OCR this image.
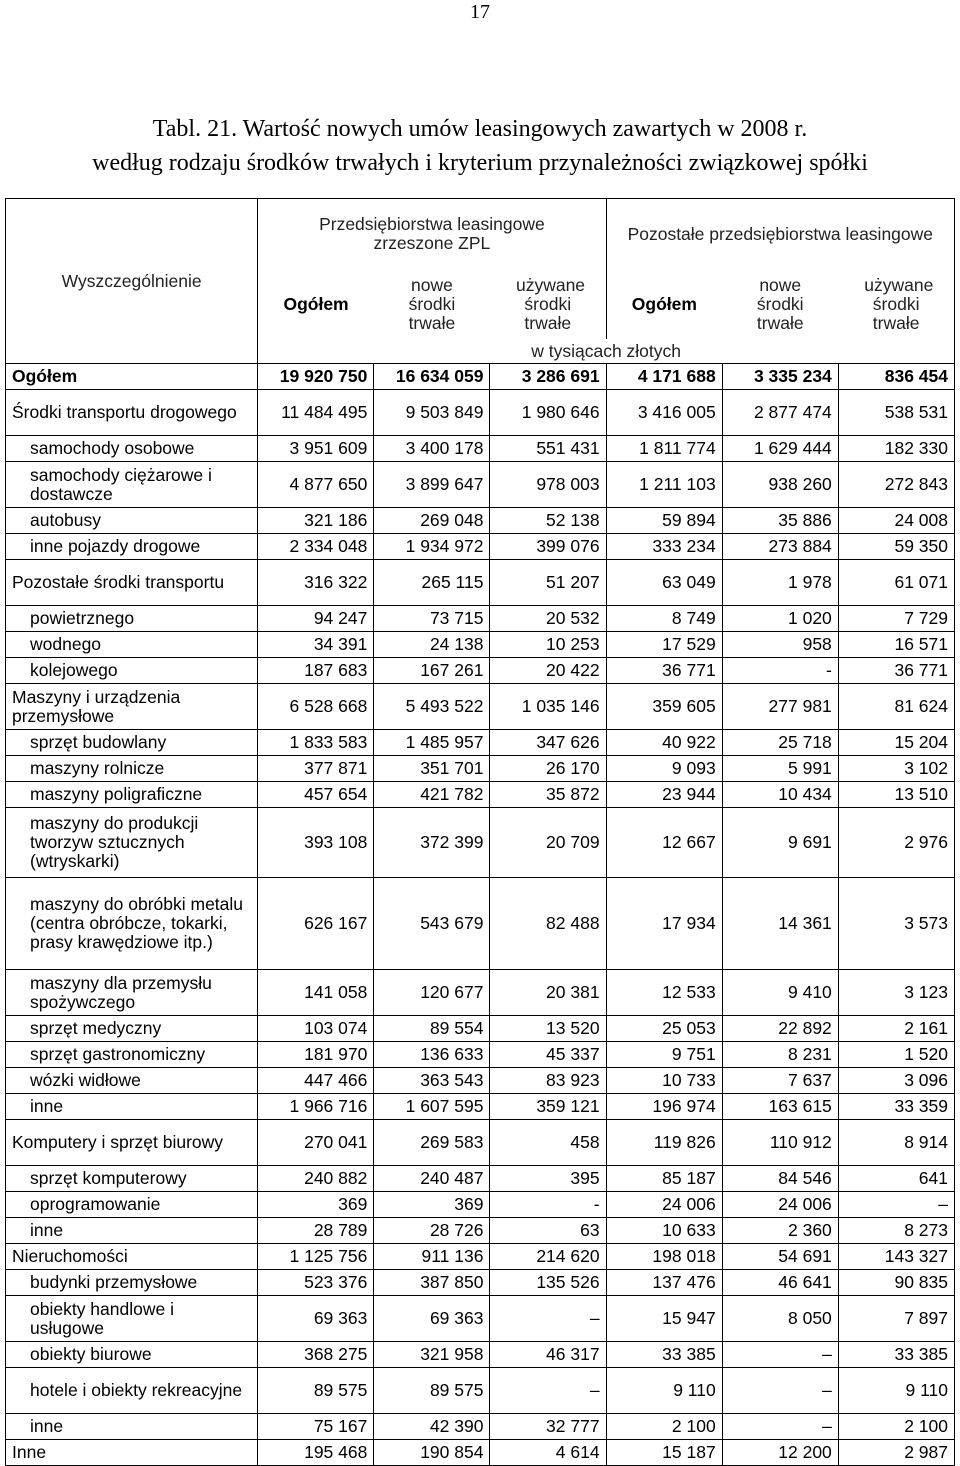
17
Tabl. 21. Wartość nowych umów leasingowych zawartych w 2008 r.
według rodzaju środków trwałych i kryterium przynależności związkowej spółki
Wyszczególnienie	Przedsiębiorstwa leasingowe zrzeszone ZPL			Pozostałe przedsiębiorstwa leasingowe		
	Ogółem	nowe środki trwałe	używane środki trwałe	Ogółem	nowe środki trwałe	używane środki trwałe
	w tysiącach złotych					
Ogółem	19 920 750	16 634 059	3 286 691	4 171 688	3 335 234	836 454
Środki transportu drogowego	11 484 495	9 503 849	1 980 646	3 416 005	2 877 474	538 531
samochody osobowe	3 951 609	3 400 178	551 431	1 811 774	1 629 444	182 330
samochody ciężarowe i dostawcze	4 877 650	3 899 647	978 003	1 211 103	938 260	272 843
autobusy	321 186	269 048	52 138	59 894	35 886	24 008
inne pojazdy drogowe	2 334 048	1 934 972	399 076	333 234	273 884	59 350
Pozostałe środki transportu	316 322	265 115	51 207	63 049	1 978	61 071
powietrznego	94 247	73 715	20 532	8 749	1 020	7 729
wodnego	34 391	24 138	10 253	17 529	958	16 571
kolejowego	187 683	167 261	20 422	36 771	-	36 771
Maszyny i urządzenia przemysłowe	6 528 668	5 493 522	1 035 146	359 605	277 981	81 624
sprzęt budowlany	1 833 583	1 485 957	347 626	40 922	25 718	15 204
maszyny rolnicze	377 871	351 701	26 170	9 093	5 991	3 102
maszyny poligraficzne	457 654	421 782	35 872	23 944	10 434	13 510
maszyny do produkcji tworzyw sztucznych (wtryskarki)	393 108	372 399	20 709	12 667	9 691	2 976
maszyny do obróbki metalu (centra obróbcze, tokarki, prasy krawędziowe itp.)	626 167	543 679	82 488	17 934	14 361	3 573
maszyny dla przemysłu spożywczego	141 058	120 677	20 381	12 533	9 410	3 123
sprzęt medyczny	103 074	89 554	13 520	25 053	22 892	2 161
sprzęt gastronomiczny	181 970	136 633	45 337	9 751	8 231	1 520
wózki widłowe	447 466	363 543	83 923	10 733	7 637	3 096
inne	1 966 716	1 607 595	359 121	196 974	163 615	33 359
Komputery i sprzęt biurowy	270 041	269 583	458	119 826	110 912	8 914
sprzęt komputerowy	240 882	240 487	395	85 187	84 546	641
oprogramowanie	369	369	-	24 006	24 006	–
inne	28 789	28 726	63	10 633	2 360	8 273
Nieruchomości	1 125 756	911 136	214 620	198 018	54 691	143 327
budynki przemysłowe	523 376	387 850	135 526	137 476	46 641	90 835
obiekty handlowe i usługowe	69 363	69 363	–	15 947	8 050	7 897
obiekty biurowe	368 275	321 958	46 317	33 385	–	33 385
hotele i obiekty rekreacyjne	89 575	89 575	–	9 110	–	9 110
inne	75 167	42 390	32 777	2 100	–	2 100
Inne	195 468	190 854	4 614	15 187	12 200	2 987
